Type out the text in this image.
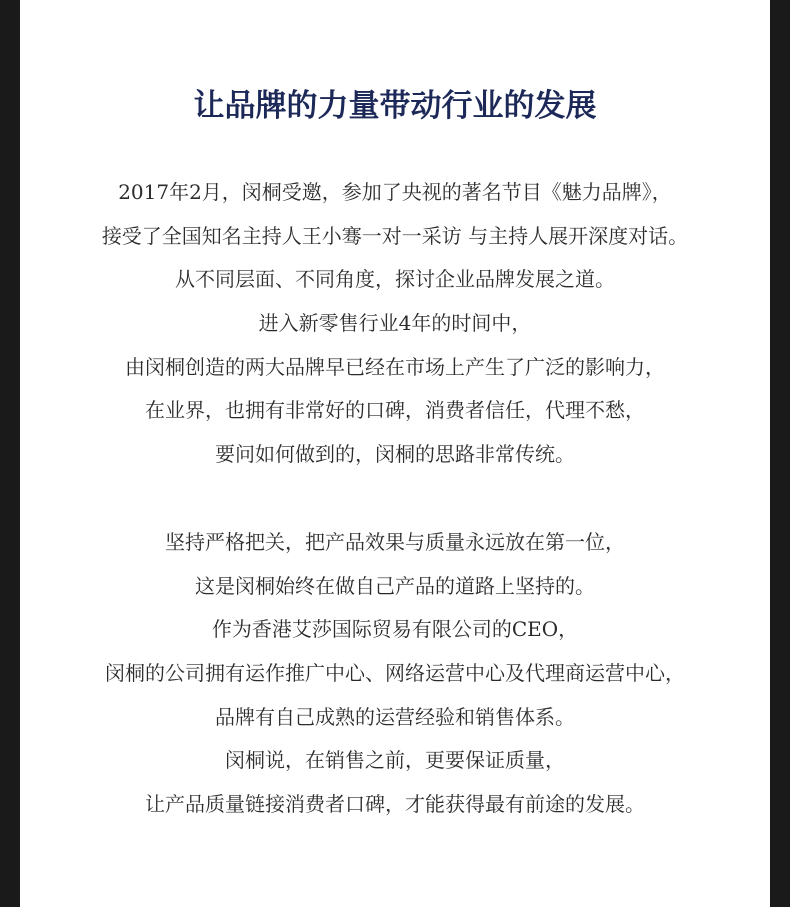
让品牌的力量带动行业的发展
2017年2月，闵桐受邀，参加了央视的著名节目《魅力品牌》，
接受了全国知名主持人王小骞一对一采访 与主持人展开深度对话。
从不同层面、不同角度，探讨企业品牌发展之道。
进入新零售行业4年的时间中，
由闵桐创造的两大品牌早已经在市场上产生了广泛的影响力，
在业界，也拥有非常好的口碑，消费者信任，代理不愁，
要问如何做到的，闵桐的思路非常传统。
坚持严格把关，把产品效果与质量永远放在第一位，
这是闵桐始终在做自己产品的道路上坚持的。
作为香港艾莎国际贸易有限公司的CEO，
闵桐的公司拥有运作推广中心、网络运营中心及代理商运营中心，
品牌有自己成熟的运营经验和销售体系。
闵桐说，在销售之前，更要保证质量，
让产品质量链接消费者口碑，才能获得最有前途的发展。
